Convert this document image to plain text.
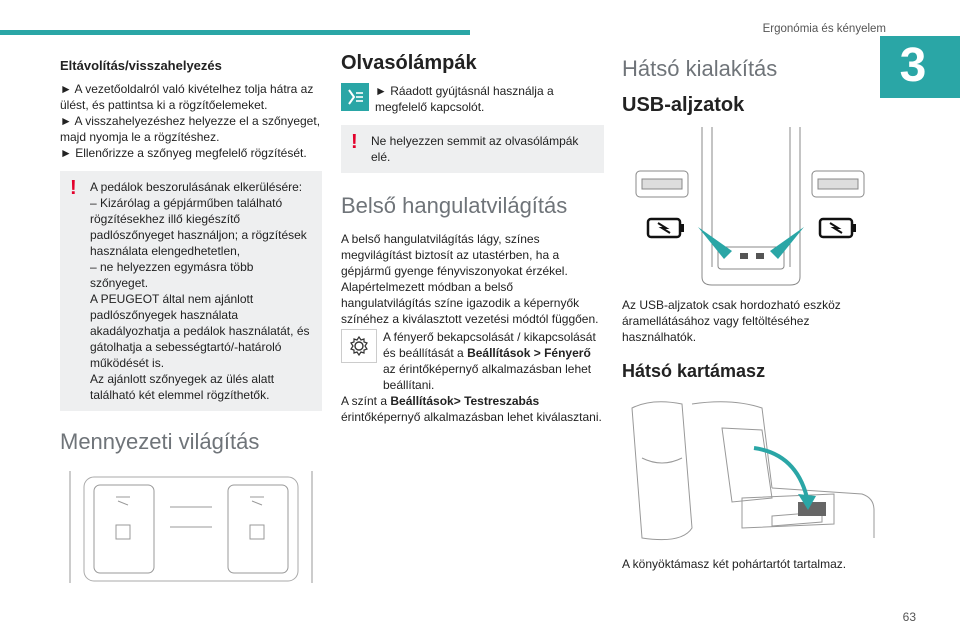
Ergonómia és kényelem
3
Eltávolítás/visszahelyezés

► A vezetőoldalról való kivételhez tolja hátra az ülést, és pattintsa ki a rögzítőelemeket.

► A visszahelyezéshez helyezze el a szőnyeget, majd nyomja le a rögzítéshez.

► Ellenőrizze a szőnyeg megfelelő rögzítését.

! A pedálok beszorulásának elkerülésére:

– Kizárólag a gépjárműben található rögzítésekhez illő kiegészítő padlószőnyeget használjon; a rögzítések használata elengedhetetlen,

– ne helyezzen egymásra több szőnyeget.

A PEUGEOT által nem ajánlott padlószőnyegek használata akadályozhatja a pedálok használatát, és gátolhatja a sebességtartó/-határoló működését is.

Az ajánlott szőnyegek az ülés alatt található két elemmel rögzíthetők.

Mennyezeti világítás
Olvasólámpák

► Ráadott gyújtásnál használja a megfelelő kapcsolót.

! Ne helyezzen semmit az olvasólámpák elé.

Belső hangulatvilágítás

A belső hangulatvilágítás lágy, színes megvilágítást biztosít az utastérben, ha a gépjármű gyenge fényviszonyokat érzékel. Alapértelmezett módban a belső hangulatvilágítás színe igazodik a képernyők színéhez a kiválasztott vezetési módtól függően.

A fényerő bekapcsolását / kikapcsolását és beállítását a Beállítások > Fényerő az érintőképernyő alkalmazásban lehet beállítani.

A színt a Beállítások> Testreszabás érintőképernyő alkalmazásban lehet kiválasztani.

Hátsó kialakítás
USB-aljzatok

Az USB-aljzatok csak hordozható eszköz áramellátásához vagy feltöltéséhez használhatók.

Hátsó kartámasz

A könyöktámasz két pohártartót tartalmaz.

63
